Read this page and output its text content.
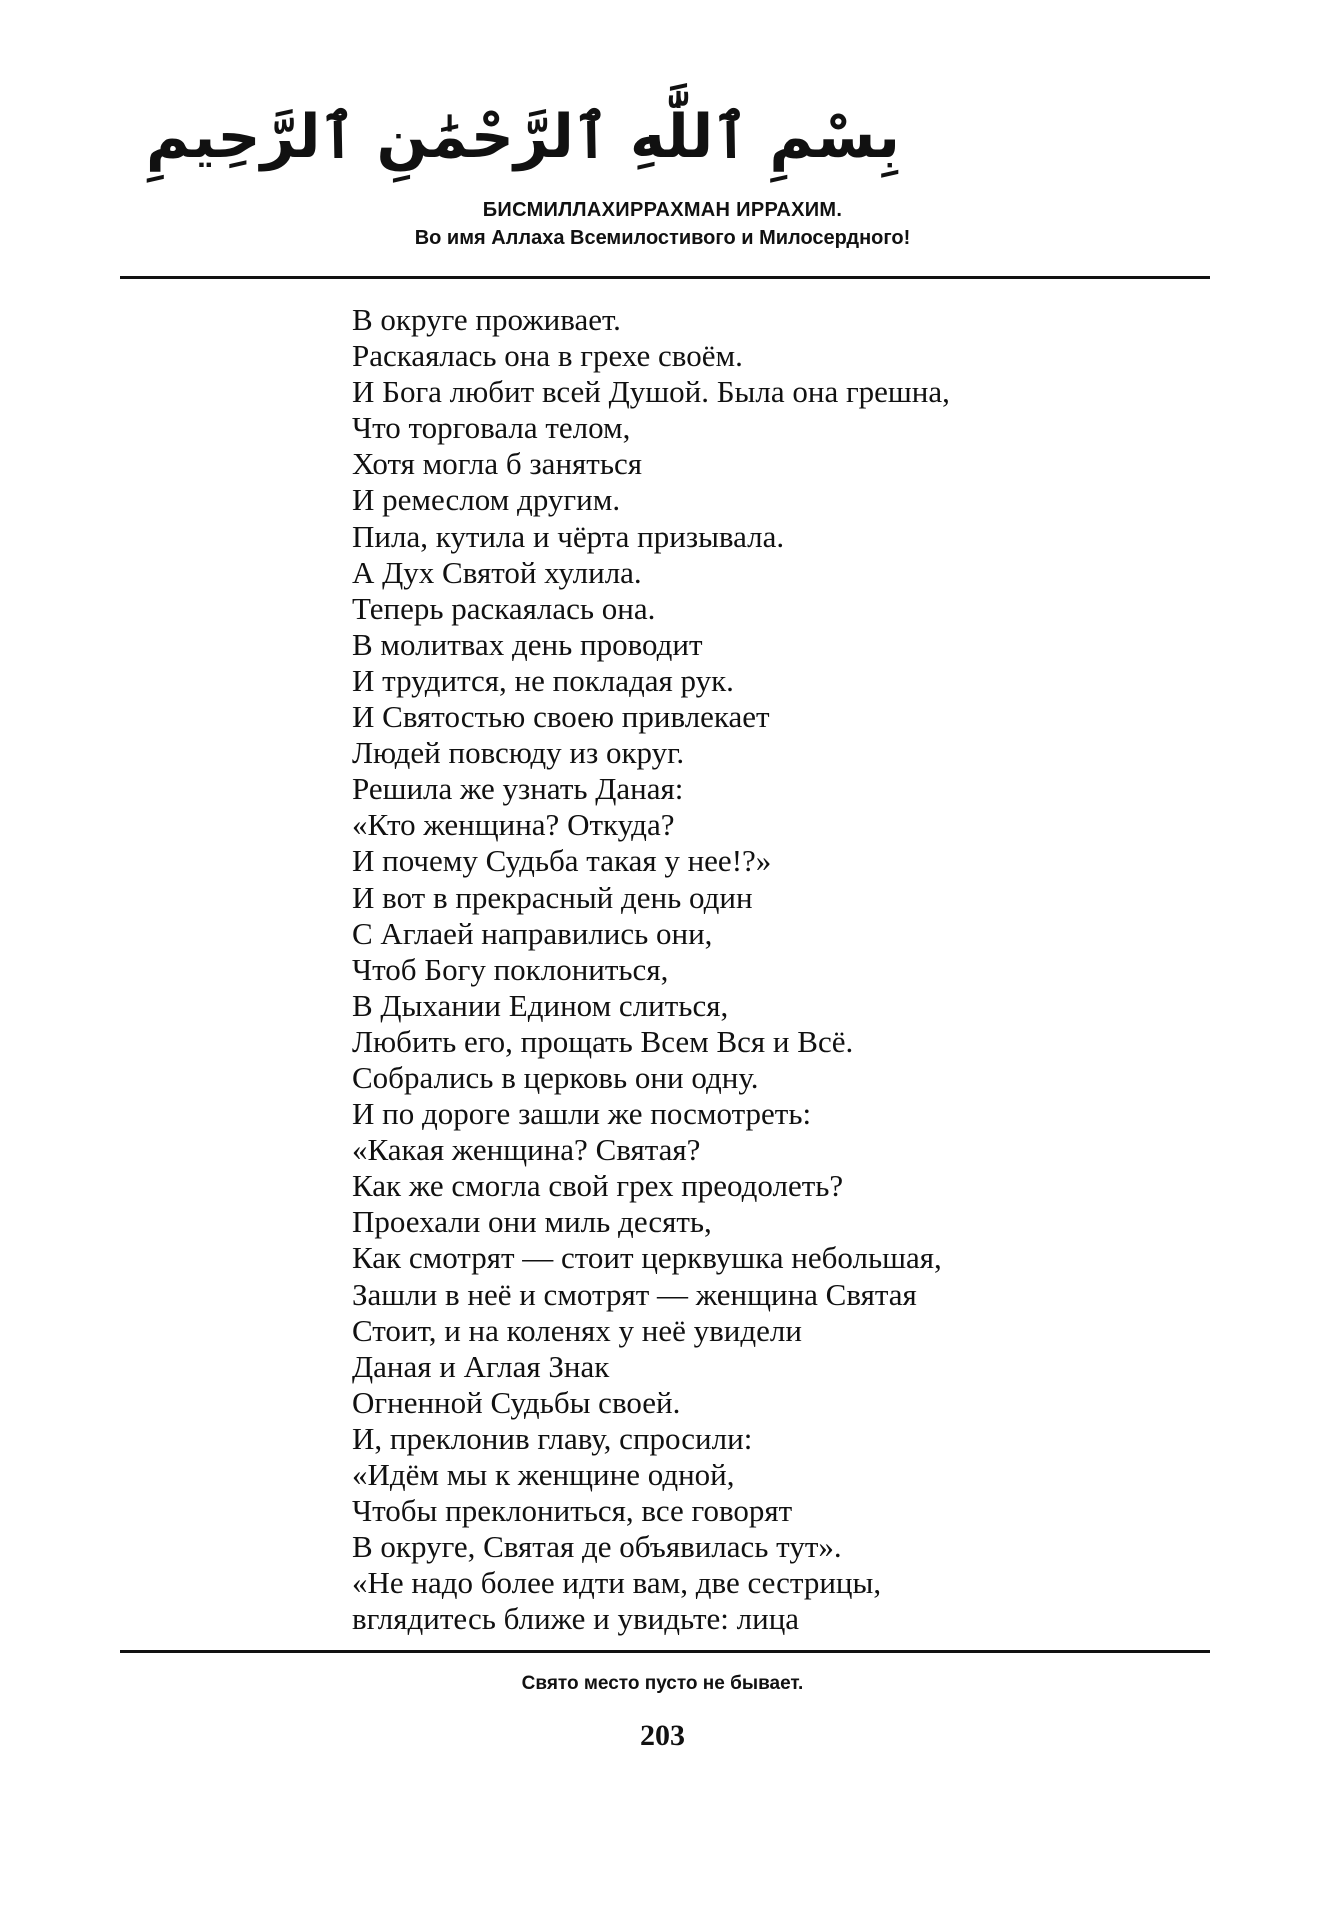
بِسْمِ ٱللَّٰهِ ٱلرَّحْمَٰنِ ٱلرَّحِيمِ
БИСМИЛЛАХИРРАХМАН ИРРАХИМ.
Во имя Аллаха Всемилостивого и Милосердного!
В округе проживает.
Раскаялась она в грехе своём.
И Бога любит всей Душой. Была она грешна,
Что торговала телом,
Хотя могла б заняться
И ремеслом другим.
Пила, кутила и чёрта призывала.
А Дух Святой хулила.
Теперь раскаялась она.
В молитвах день проводит
И трудится, не покладая рук.
И Святостью своею привлекает
Людей повсюду из округ.
Решила же узнать Даная:
«Кто женщина? Откуда?
И почему Судьба такая у нее!?»
И вот в прекрасный день один
С Аглаей направились они,
Чтоб Богу поклониться,
В Дыхании Едином слиться,
Любить его, прощать Всем Вся и Всё.
Собрались в церковь они одну.
И по дороге зашли же посмотреть:
«Какая женщина? Святая?
Как же смогла свой грех преодолеть?
Проехали они миль десять,
Как смотрят — стоит церквушка небольшая,
Зашли в неё и смотрят — женщина Святая
Стоит, и на коленях у неё увидели
Даная и Аглая Знак
Огненной Судьбы своей.
И, преклонив главу, спросили:
«Идём мы к женщине одной,
Чтобы преклониться, все говорят
В округе, Святая де объявилась тут».
«Не надо более идти вам, две сестрицы,
вглядитесь ближе и увидьте: лица
Свято место пусто не бывает.
203
